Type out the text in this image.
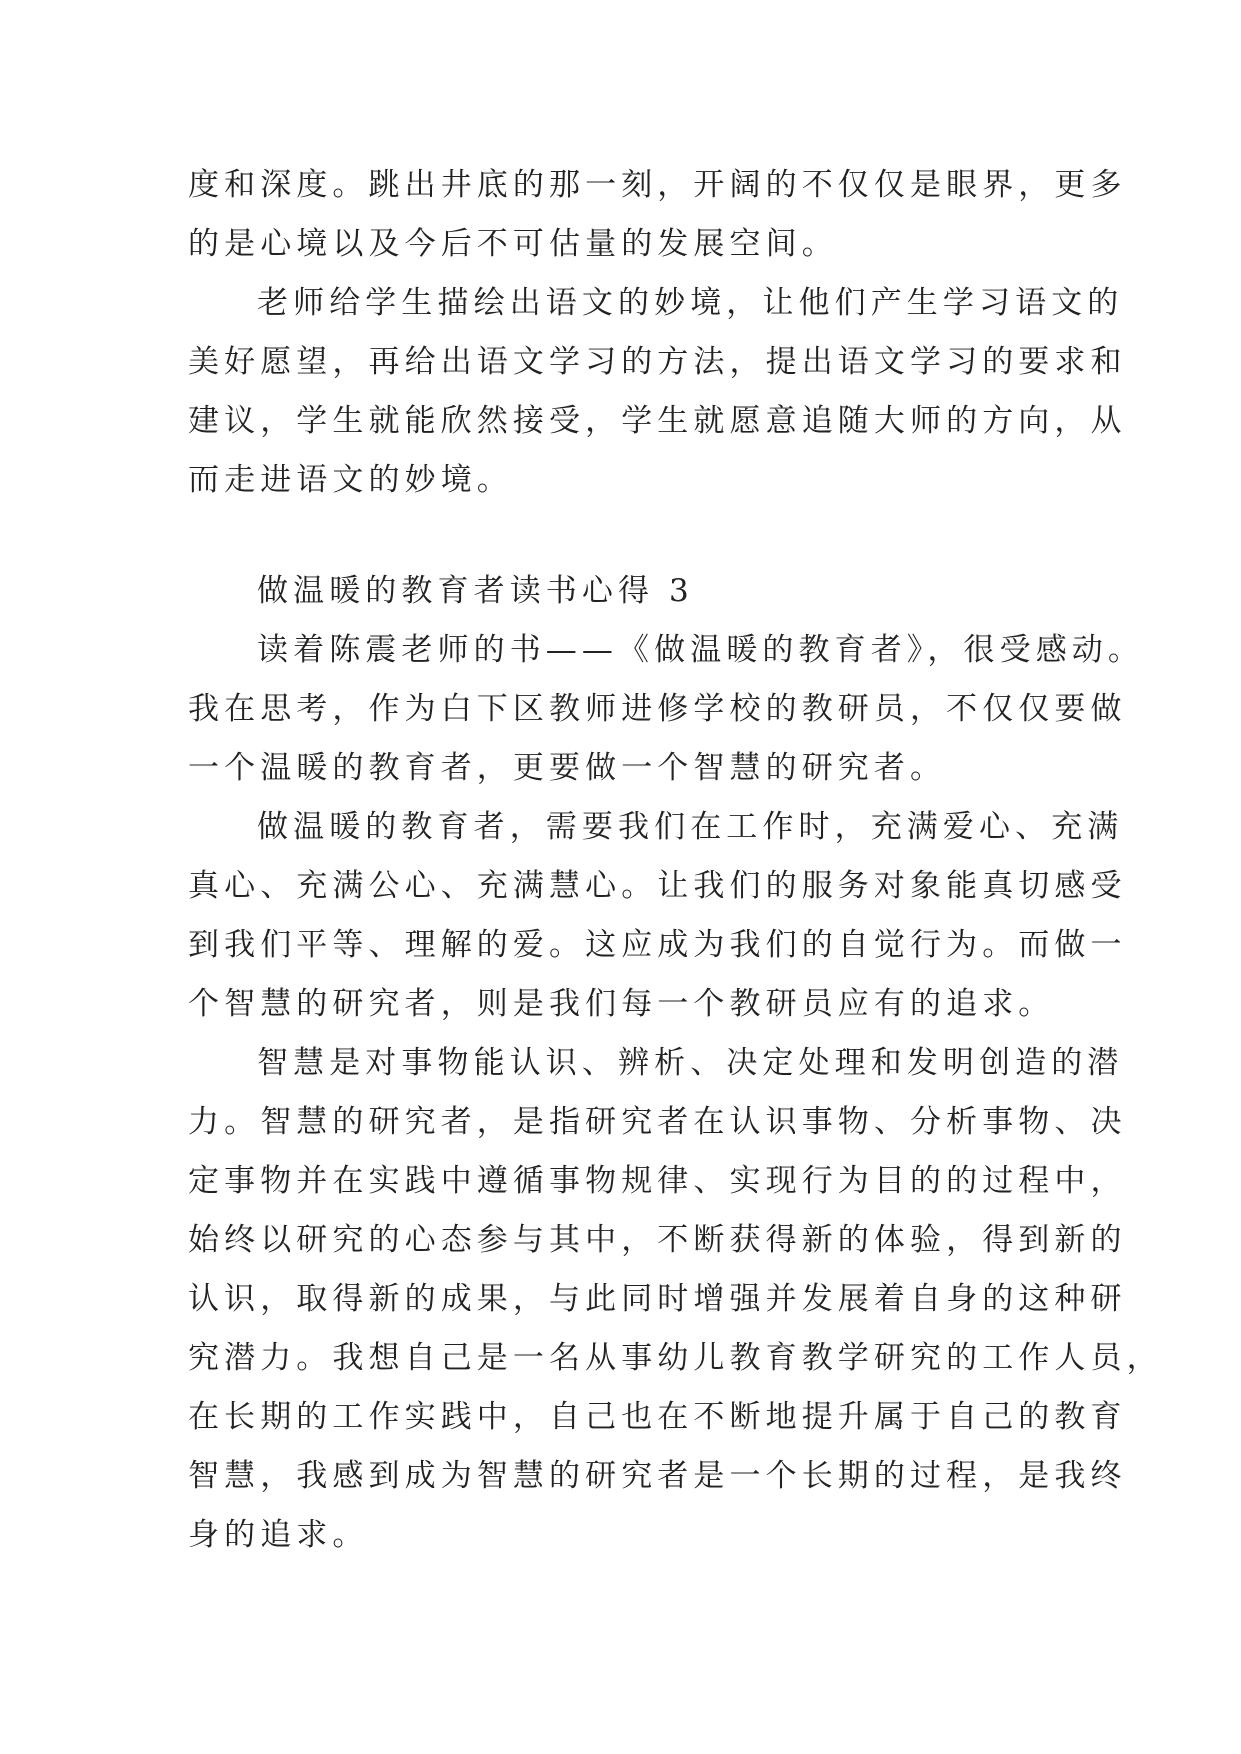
度和深度。跳出井底的那一刻，开阔的不仅仅是眼界，更多
的是心境以及今后不可估量的发展空间。
老师给学生描绘出语文的妙境，让他们产生学习语文的
美好愿望，再给出语文学习的方法，提出语文学习的要求和
建议，学生就能欣然接受，学生就愿意追随大师的方向，从
而走进语文的妙境。
做温暖的教育者读书心得 3
读着陈震老师的书——《做温暖的教育者》，很受感动。
我在思考，作为白下区教师进修学校的教研员，不仅仅要做
一个温暖的教育者，更要做一个智慧的研究者。
做温暖的教育者，需要我们在工作时，充满爱心、充满
真心、充满公心、充满慧心。让我们的服务对象能真切感受
到我们平等、理解的爱。这应成为我们的自觉行为。而做一
个智慧的研究者，则是我们每一个教研员应有的追求。
智慧是对事物能认识、辨析、决定处理和发明创造的潜
力。智慧的研究者，是指研究者在认识事物、分析事物、决
定事物并在实践中遵循事物规律、实现行为目的的过程中，
始终以研究的心态参与其中，不断获得新的体验，得到新的
认识，取得新的成果，与此同时增强并发展着自身的这种研
究潜力。我想自己是一名从事幼儿教育教学研究的工作人员，
在长期的工作实践中，自己也在不断地提升属于自己的教育
智慧，我感到成为智慧的研究者是一个长期的过程，是我终
身的追求。
